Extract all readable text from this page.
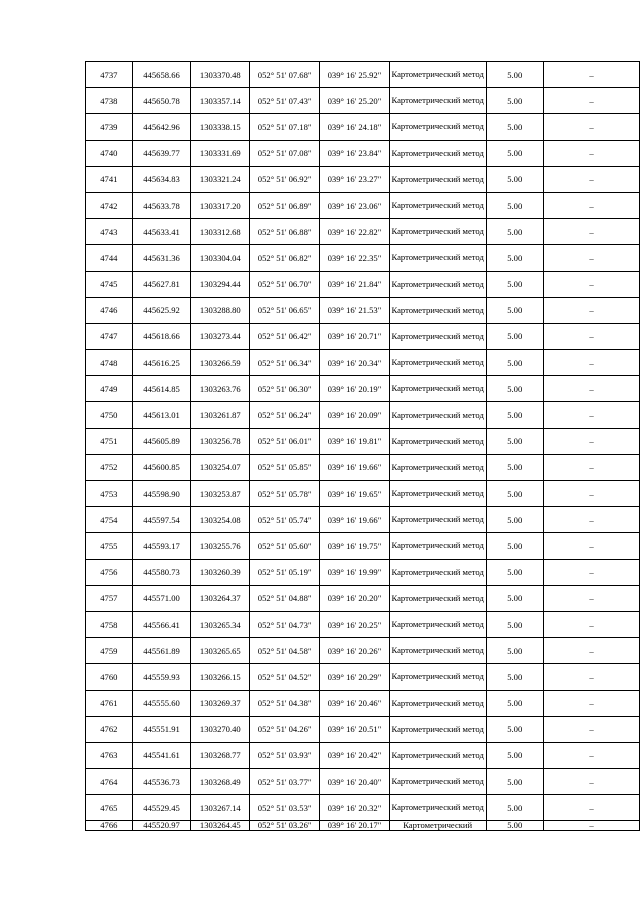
4737	445658.66	1303370.48	052° 51' 07.68"	039° 16' 25.92"	Картометрический метод	5.00	–
4738	445650.78	1303357.14	052° 51' 07.43"	039° 16' 25.20"	Картометрический метод	5.00	–
4739	445642.96	1303338.15	052° 51' 07.18"	039° 16' 24.18"	Картометрический метод	5.00	–
4740	445639.77	1303331.69	052° 51' 07.08"	039° 16' 23.84"	Картометрический метод	5.00	–
4741	445634.83	1303321.24	052° 51' 06.92"	039° 16' 23.27"	Картометрический метод	5.00	–
4742	445633.78	1303317.20	052° 51' 06.89"	039° 16' 23.06"	Картометрический метод	5.00	–
4743	445633.41	1303312.68	052° 51' 06.88"	039° 16' 22.82"	Картометрический метод	5.00	–
4744	445631.36	1303304.04	052° 51' 06.82"	039° 16' 22.35"	Картометрический метод	5.00	–
4745	445627.81	1303294.44	052° 51' 06.70"	039° 16' 21.84"	Картометрический метод	5.00	–
4746	445625.92	1303288.80	052° 51' 06.65"	039° 16' 21.53"	Картометрический метод	5.00	–
4747	445618.66	1303273.44	052° 51' 06.42"	039° 16' 20.71"	Картометрический метод	5.00	–
4748	445616.25	1303266.59	052° 51' 06.34"	039° 16' 20.34"	Картометрический метод	5.00	–
4749	445614.85	1303263.76	052° 51' 06.30"	039° 16' 20.19"	Картометрический метод	5.00	–
4750	445613.01	1303261.87	052° 51' 06.24"	039° 16' 20.09"	Картометрический метод	5.00	–
4751	445605.89	1303256.78	052° 51' 06.01"	039° 16' 19.81"	Картометрический метод	5.00	–
4752	445600.85	1303254.07	052° 51' 05.85"	039° 16' 19.66"	Картометрический метод	5.00	–
4753	445598.90	1303253.87	052° 51' 05.78"	039° 16' 19.65"	Картометрический метод	5.00	–
4754	445597.54	1303254.08	052° 51' 05.74"	039° 16' 19.66"	Картометрический метод	5.00	–
4755	445593.17	1303255.76	052° 51' 05.60"	039° 16' 19.75"	Картометрический метод	5.00	–
4756	445580.73	1303260.39	052° 51' 05.19"	039° 16' 19.99"	Картометрический метод	5.00	–
4757	445571.00	1303264.37	052° 51' 04.88"	039° 16' 20.20"	Картометрический метод	5.00	–
4758	445566.41	1303265.34	052° 51' 04.73"	039° 16' 20.25"	Картометрический метод	5.00	–
4759	445561.89	1303265.65	052° 51' 04.58"	039° 16' 20.26"	Картометрический метод	5.00	–
4760	445559.93	1303266.15	052° 51' 04.52"	039° 16' 20.29"	Картометрический метод	5.00	–
4761	445555.60	1303269.37	052° 51' 04.38"	039° 16' 20.46"	Картометрический метод	5.00	–
4762	445551.91	1303270.40	052° 51' 04.26"	039° 16' 20.51"	Картометрический метод	5.00	–
4763	445541.61	1303268.77	052° 51' 03.93"	039° 16' 20.42"	Картометрический метод	5.00	–
4764	445536.73	1303268.49	052° 51' 03.77"	039° 16' 20.40"	Картометрический метод	5.00	–
4765	445529.45	1303267.14	052° 51' 03.53"	039° 16' 20.32"	Картометрический метод	5.00	–
4766	445520.97	1303264.45	052° 51' 03.26"	039° 16' 20.17"	Картометрический	5.00	–
